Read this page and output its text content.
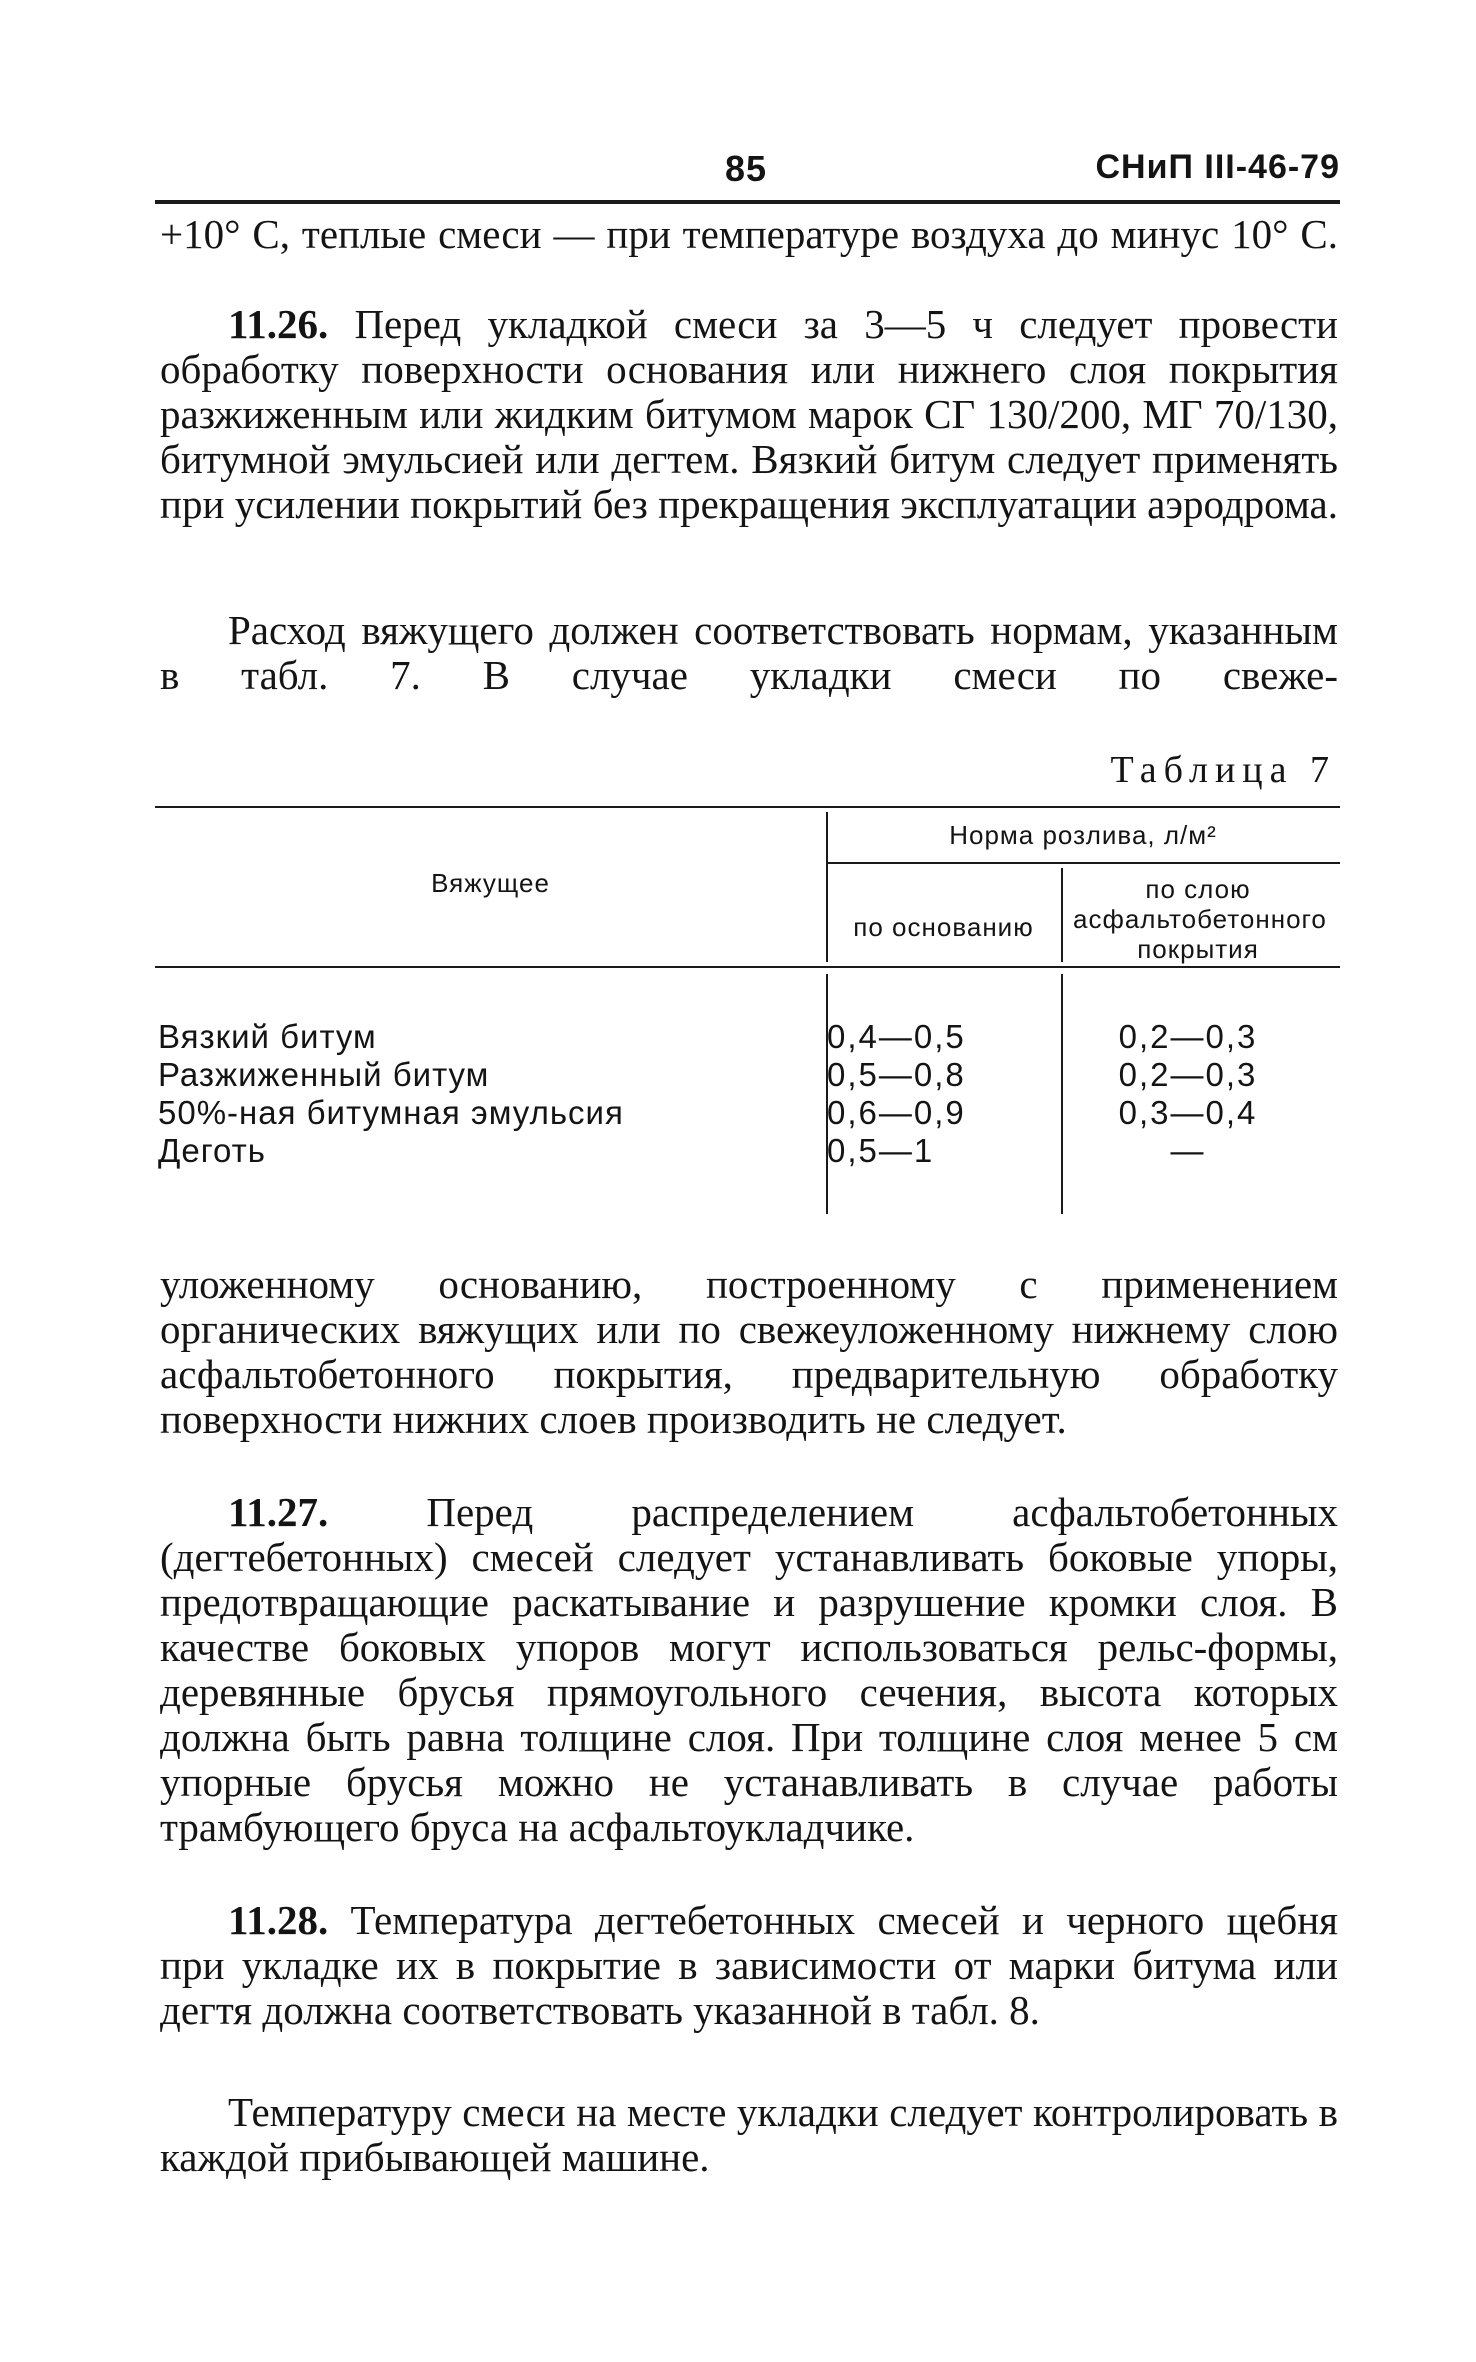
85	СНиП III-46-79
+10° С, теплые смеси — при температуре воздуха до минус 10° С.
11.26. Перед укладкой смеси за 3—5 ч следует провести обработку поверхности основания или нижнего слоя покрытия разжиженным или жидким битумом марок СГ 130/200, МГ 70/130, битумной эмульсией или дегтем. Вязкий битум следует применять при усилении покрытий без прекращения эксплуатации аэродрома.
Расход вяжущего должен соответствовать нормам, указанным в табл. 7. В случае укладки смеси по свеже-
Таблица 7
Вяжущее
Норма розлива, л/м²
по основанию
по слою асфальтобетонного покрытия
Вязкий битум	0,4—0,5	0,2—0,3
Разжиженный битум	0,5—0,8	0,2—0,3
50%-ная битумная эмульсия	0,6—0,9	0,3—0,4
Деготь	0,5—1	—
уложенному основанию, построенному с применением органических вяжущих или по свежеуложенному нижнему слою асфальтобетонного покрытия, предварительную обработку поверхности нижних слоев производить не следует.
11.27. Перед распределением асфальтобетонных (дегтебетонных) смесей следует устанавливать боковые упоры, предотвращающие раскатывание и разрушение кромки слоя. В качестве боковых упоров могут использоваться рельс-формы, деревянные брусья прямоугольного сечения, высота которых должна быть равна толщине слоя. При толщине слоя менее 5 см упорные брусья можно не устанавливать в случае работы трамбующего бруса на асфальтоукладчике.
11.28. Температура дегтебетонных смесей и черного щебня при укладке их в покрытие в зависимости от марки битума или дегтя должна соответствовать указанной в табл. 8.
Температуру смеси на месте укладки следует контролировать в каждой прибывающей машине.
